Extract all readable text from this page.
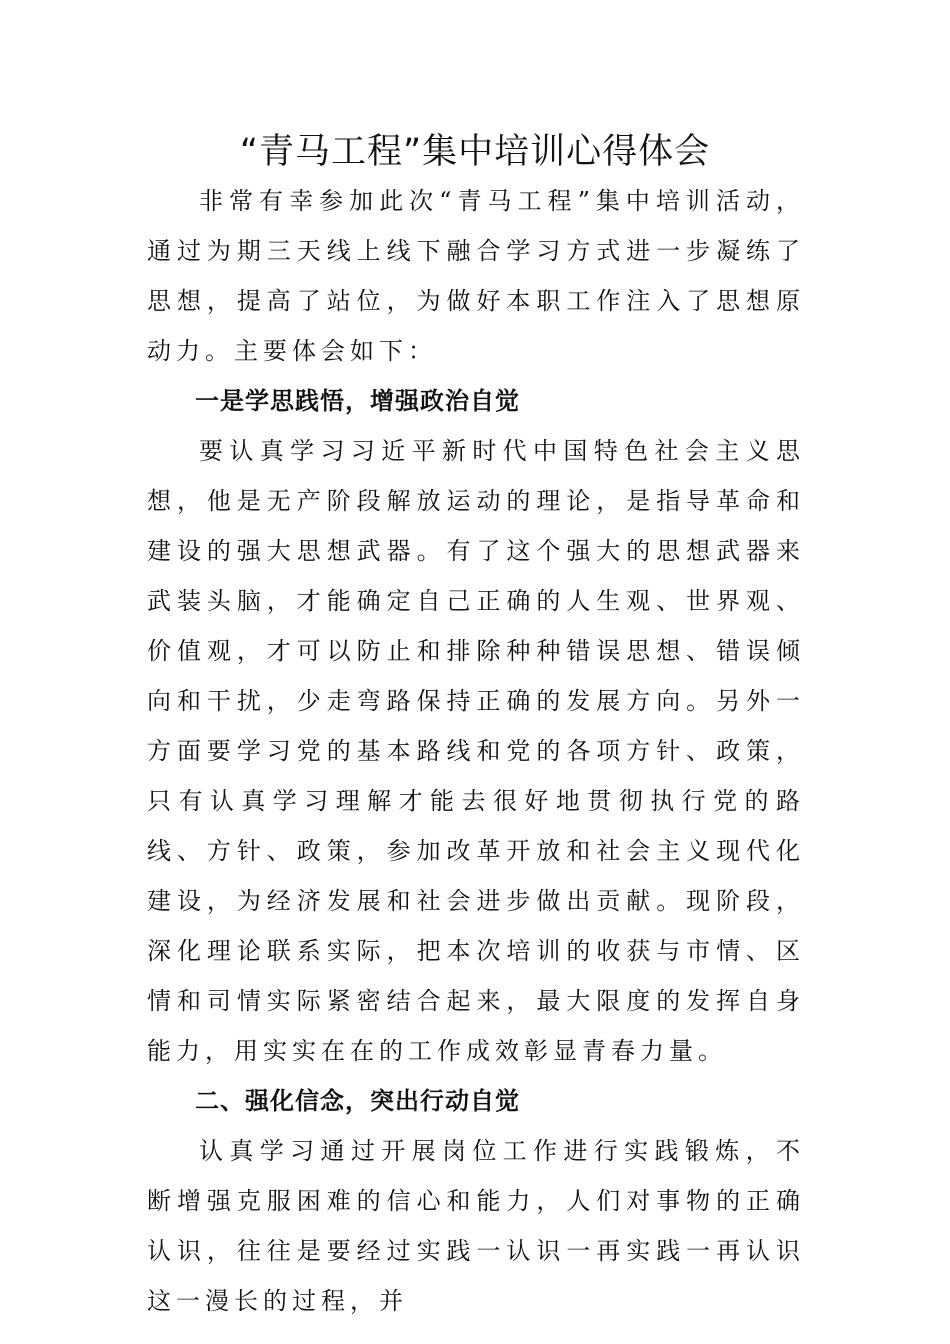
“青马工程”集中培训心得体会

非常有幸参加此次“青马工程”集中培训活动，通过为期三天线上线下融合学习方式进一步凝练了思想，提高了站位，为做好本职工作注入了思想原动力。主要体会如下：

一是学思践悟，增强政治自觉

要认真学习习近平新时代中国特色社会主义思想，他是无产阶段解放运动的理论，是指导革命和建设的强大思想武器。有了这个强大的思想武器来武装头脑，才能确定自己正确的人生观、世界观、价值观，才可以防止和排除种种错误思想、错误倾向和干扰，少走弯路保持正确的发展方向。另外一方面要学习党的基本路线和党的各项方针、政策，只有认真学习理解才能去很好地贯彻执行党的路线、方针、政策，参加改革开放和社会主义现代化建设，为经济发展和社会进步做出贡献。现阶段，深化理论联系实际，把本次培训的收获与市情、区情和司情实际紧密结合起来，最大限度的发挥自身能力，用实实在在的工作成效彰显青春力量。

二、强化信念，突出行动自觉

认真学习通过开展岗位工作进行实践锻炼，不断增强克服困难的信心和能力，人们对事物的正确认识，往往是要经过实践一认识一再实践一再认识这一漫长的过程，并
